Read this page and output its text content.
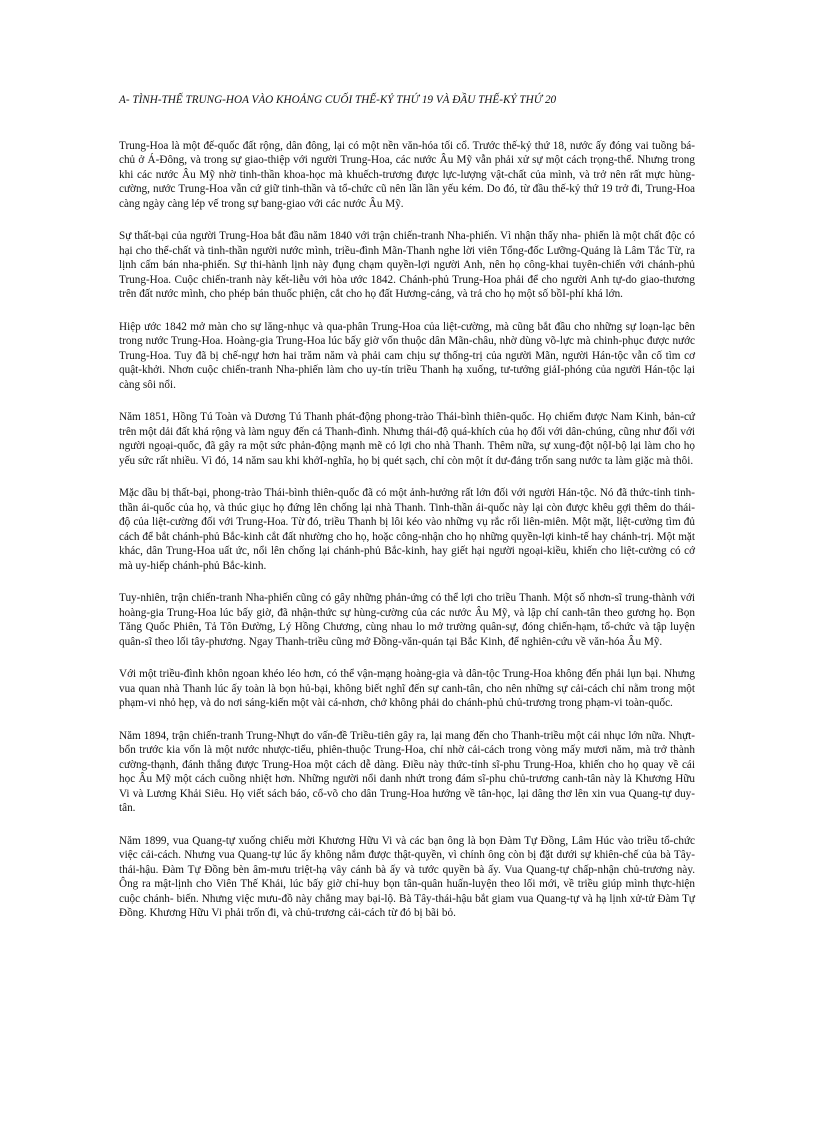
A- TÌNH-THẾ TRUNG-HOA VÀO KHOẢNG CUỐI THẾ-KỶ THỨ 19 VÀ ĐẦU THẾ-KỶ THỨ 20

Trung-Hoa là một đế-quốc đất rộng, dân đông, lại có một nền văn-hóa tối cổ. Trước thế-kỷ thứ 18, nước ấy đóng vai tuồng bá-chủ ở Á-Đông, và trong sự giao-thiệp với người Trung-Hoa, các nước Âu Mỹ vẫn phải xử sự một cách trọng-thể. Nhưng trong khi các nước Âu Mỹ nhờ tinh-thần khoa-học mà khuếch-trương được lực-lượng vật-chất của mình, và trở nên rất mực hùng-cường, nước Trung-Hoa vẫn cứ giữ tinh-thần và tổ-chức cũ nên lần lần yếu kém. Do đó, từ đầu thế-kỷ thứ 19 trở đi, Trung-Hoa càng ngày càng lép vế trong sự bang-giao với các nước Âu Mỹ.

Sự thất-bại của người Trung-Hoa bắt đầu năm 1840 với trận chiến-tranh Nha-phiến. Vì nhận thấy nha- phiến là một chất độc có hại cho thể-chất và tinh-thần người nước mình, triều-đình Mãn-Thanh nghe lời viên Tổng-đốc Lưỡng-Quảng là Lâm Tắc Từ, ra lịnh cấm bán nha-phiến. Sự thi-hành lịnh này đụng chạm quyền-lợi người Anh, nên họ công-khai tuyên-chiến với chánh-phủ Trung-Hoa. Cuộc chiến-tranh này kết-liễu với hòa ước 1842. Chánh-phủ Trung-Hoa phải để cho người Anh tự-do giao-thương trên đất nước mình, cho phép bán thuốc phiện, cắt cho họ đất Hương-cảng, và trả cho họ một số bồI-phí khá lớn.

Hiệp ước 1842 mở màn cho sự lăng-nhục và qua-phân Trung-Hoa của liệt-cường, mà cũng bắt đầu cho những sự loạn-lạc bên trong nước Trung-Hoa. Hoàng-gia Trung-Hoa lúc bấy giờ vốn thuộc dân Mãn-châu, nhờ dùng võ-lực mà chinh-phục được nước Trung-Hoa. Tuy đã bị chế-ngự hơn hai trăm năm và phải cam chịu sự thống-trị của người Mãn, người Hán-tộc vẫn cố tìm cơ quật-khởi. Nhơn cuộc chiến-tranh Nha-phiến làm cho uy-tín triều Thanh hạ xuống, tư-tưởng giảI-phóng của người Hán-tộc lại càng sôi nổi.

Năm 1851, Hồng Tú Toàn và Dương Tú Thanh phát-động phong-trào Thái-bình thiên-quốc. Họ chiếm được Nam Kinh, bản-cứ trên một dải đất khá rộng và làm nguy đến cả Thanh-đình. Nhưng thái-độ quá-khích của họ đối với dân-chúng, cũng như đối với người ngoại-quốc, đã gây ra một sức phản-động mạnh mẽ có lợi cho nhà Thanh. Thêm nữa, sự xung-đột nộI-bộ lại làm cho họ yếu sức rất nhiều. Vì đó, 14 năm sau khi khởI-nghĩa, họ bị quét sạch, chỉ còn một ít dư-đảng trốn sang nước ta làm giặc mà thôi.

Mặc dầu bị thất-bại, phong-trào Thái-bình thiên-quốc đã có một ảnh-hưởng rất lớn đối với người Hán-tộc. Nó đã thức-tỉnh tinh-thần ái-quốc của họ, và thúc giục họ đứng lên chống lại nhà Thanh. Tinh-thần ái-quốc này lại còn được khêu gợi thêm do thái-độ của liệt-cường đối với Trung-Hoa. Từ đó, triều Thanh bị lôi kéo vào những vụ rắc rối liên-miên. Một mặt, liệt-cường tìm đủ cách để bắt chánh-phủ Bắc-kinh cắt đất nhường cho họ, hoặc công-nhận cho họ những quyền-lợi kinh-tế hay chánh-trị. Một mặt khác, dân Trung-Hoa uất ức, nổi lên chống lại chánh-phủ Bắc-kinh, hay giết hại người ngoại-kiều, khiến cho liệt-cường có cớ mà uy-hiếp chánh-phủ Bắc-kinh.

Tuy-nhiên, trận chiến-tranh Nha-phiến cũng có gây những phản-ứng có thể lợi cho triều Thanh. Một số nhơn-sĩ trung-thành với hoàng-gia Trung-Hoa lúc bấy giờ, đã nhận-thức sự hùng-cường của các nước Âu Mỹ, và lập chí canh-tân theo gương họ. Bọn Tăng Quốc Phiên, Tả Tôn Đường, Lý Hồng Chương, cùng nhau lo mở trường quân-sự, đóng chiến-hạm, tổ-chức và tập luyện quân-sĩ theo lối tây-phương. Ngay Thanh-triều cũng mở Đồng-văn-quán tại Bắc Kinh, để nghiên-cứu về văn-hóa Âu Mỹ.

Với một triều-đình khôn ngoan khéo léo hơn, có thể vận-mạng hoàng-gia và dân-tộc Trung-Hoa không đến phải lụn bại. Nhưng vua quan nhà Thanh lúc ấy toàn là bọn hủ-bại, không biết nghĩ đến sự canh-tân, cho nên những sự cải-cách chỉ nằm trong một phạm-vi nhỏ hẹp, và do nơi sáng-kiến một vài cá-nhơn, chớ không phải do chánh-phủ chủ-trương trong phạm-vi toàn-quốc.

Năm 1894, trận chiến-tranh Trung-Nhựt do vấn-đề Triều-tiên gây ra, lại mang đến cho Thanh-triều một cái nhục lớn nữa. Nhựt-bổn trước kia vốn là một nước nhược-tiểu, phiên-thuộc Trung-Hoa, chỉ nhờ cải-cách trong vòng mấy mươi năm, mà trở thành cường-thạnh, đánh thắng được Trung-Hoa một cách dễ dàng. Điều này thức-tỉnh sĩ-phu Trung-Hoa, khiến cho họ quay về cái học Âu Mỹ một cách cuồng nhiệt hơn. Những người nổi danh nhứt trong đám sĩ-phu chủ-trương canh-tân này là Khương Hữu Vi và Lương Khải Siêu. Họ viết sách báo, cổ-võ cho dân Trung-Hoa hướng về tân-học, lại dâng thơ lên xin vua Quang-tự duy-tân.

Năm 1899, vua Quang-tự xuống chiếu mời Khương Hữu Vi và các bạn ông là bọn Đàm Tự Đồng, Lâm Húc vào triều tổ-chức việc cải-cách. Nhưng vua Quang-tự lúc ấy không nắm được thật-quyền, vì chính ông còn bị đặt dưới sự khiên-chế của bà Tây-thái-hậu. Đàm Tự Đồng bèn âm-mưu triệt-hạ vây cánh bà ấy và tước quyền bà ấy. Vua Quang-tự chấp-nhận chủ-trương này. Ông ra mật-lịnh cho Viên Thế Khải, lúc bấy giờ chỉ-huy bọn tân-quân huấn-luyện theo lối mới, về triều giúp mình thực-hiện cuộc chánh- biến. Nhưng việc mưu-đồ này chẳng may bại-lộ. Bà Tây-thái-hậu bắt giam vua Quang-tự và hạ lịnh xử-tử Đàm Tự Đồng. Khương Hữu Vi phải trốn đi, và chủ-trương cải-cách từ đó bị bãi bỏ.
